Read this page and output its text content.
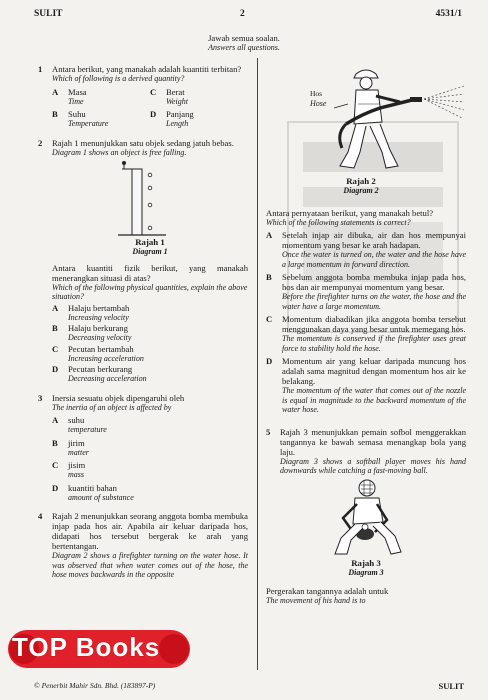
SULIT	2	4531/1
Jawab semua soalan.
Answers all questions.
1	Antara berikut, yang manakah adalah kuantiti terbitan?
Which of following is a derived quantity?
A	Masa
Time
C	Berat
Weight
B	Suhu
Temperature
D	Panjang
Length
2	Rajah 1 menunjukkan satu objek sedang jatuh bebas.
Diagram 1 shows an object is free falling.
Rajah 1
Diagram 1
Antara kuantiti fizik berikut, yang manakah menerangkan situasi di atas?
Which of the following physical quantities, explain the above situation?
A	Halaju bertambah
Increasing velocity
B	Halaju berkurang
Decreasing velocity
C	Pecutan bertambah
Increasing acceleration
D	Pecutan berkurang
Decreasing acceleration
3	Inersia sesuatu objek dipengaruhi oleh
The inertia of an object is affected by
A	suhu
temperature
B	jirim
matter
C	jisim
mass
D	kuantiti bahan
amount of substance
4	Rajah 2 menunjukkan seorang anggota bomba membuka injap pada hos air. Apabila air keluar daripada hos, didapati hos tersebut bergerak ke arah yang bertentangan.
Diagram 2 shows a firefighter turning on the water hose. It was observed that when water comes out of the hose, the hose moves backwards in the opposite
Hos
Hose
Rajah 2
Diagram 2
Antara pernyataan berikut, yang manakah betul?
Which of the following statements is correct?
A	Setelah injap air dibuka, air dan hos mempunyai momentum yang besar ke arah hadapan.
Once the water is turned on, the water and the hose have a large momentum in forward direction.
B	Sebelum anggota bomba membuka injap pada hos, hos dan air mempunyai momentum yang besar.
Before the firefighter turns on the water, the hose and the water have a large momentum.
C	Momentum diabadikan jika anggota bomba tersebut menggunakan daya yang besar untuk memegang hos.
The momentum is conserved if the firefighter uses great force to stability hold the hose.
D	Momentum air yang keluar daripada muncung hos adalah sama magnitud dengan momentum hos air ke belakang.
The momentum of the water that comes out of the nozzle is equal in magnitude to the backward momentum of the water hose.
5	Rajah 3 menunjukkan pemain sofbol menggerakkan tangannya ke bawah semasa menangkap bola yang laju.
Diagram 3 shows a softball player moves his hand downwards while catching a fast-moving ball.
Rajah 3
Diagram 3
Pergerakan tangannya adalah untuk
The movement of his hand is to
© Penerbit Mahir Sdn. Bhd. (183897-P)	SULIT
TOP Books
